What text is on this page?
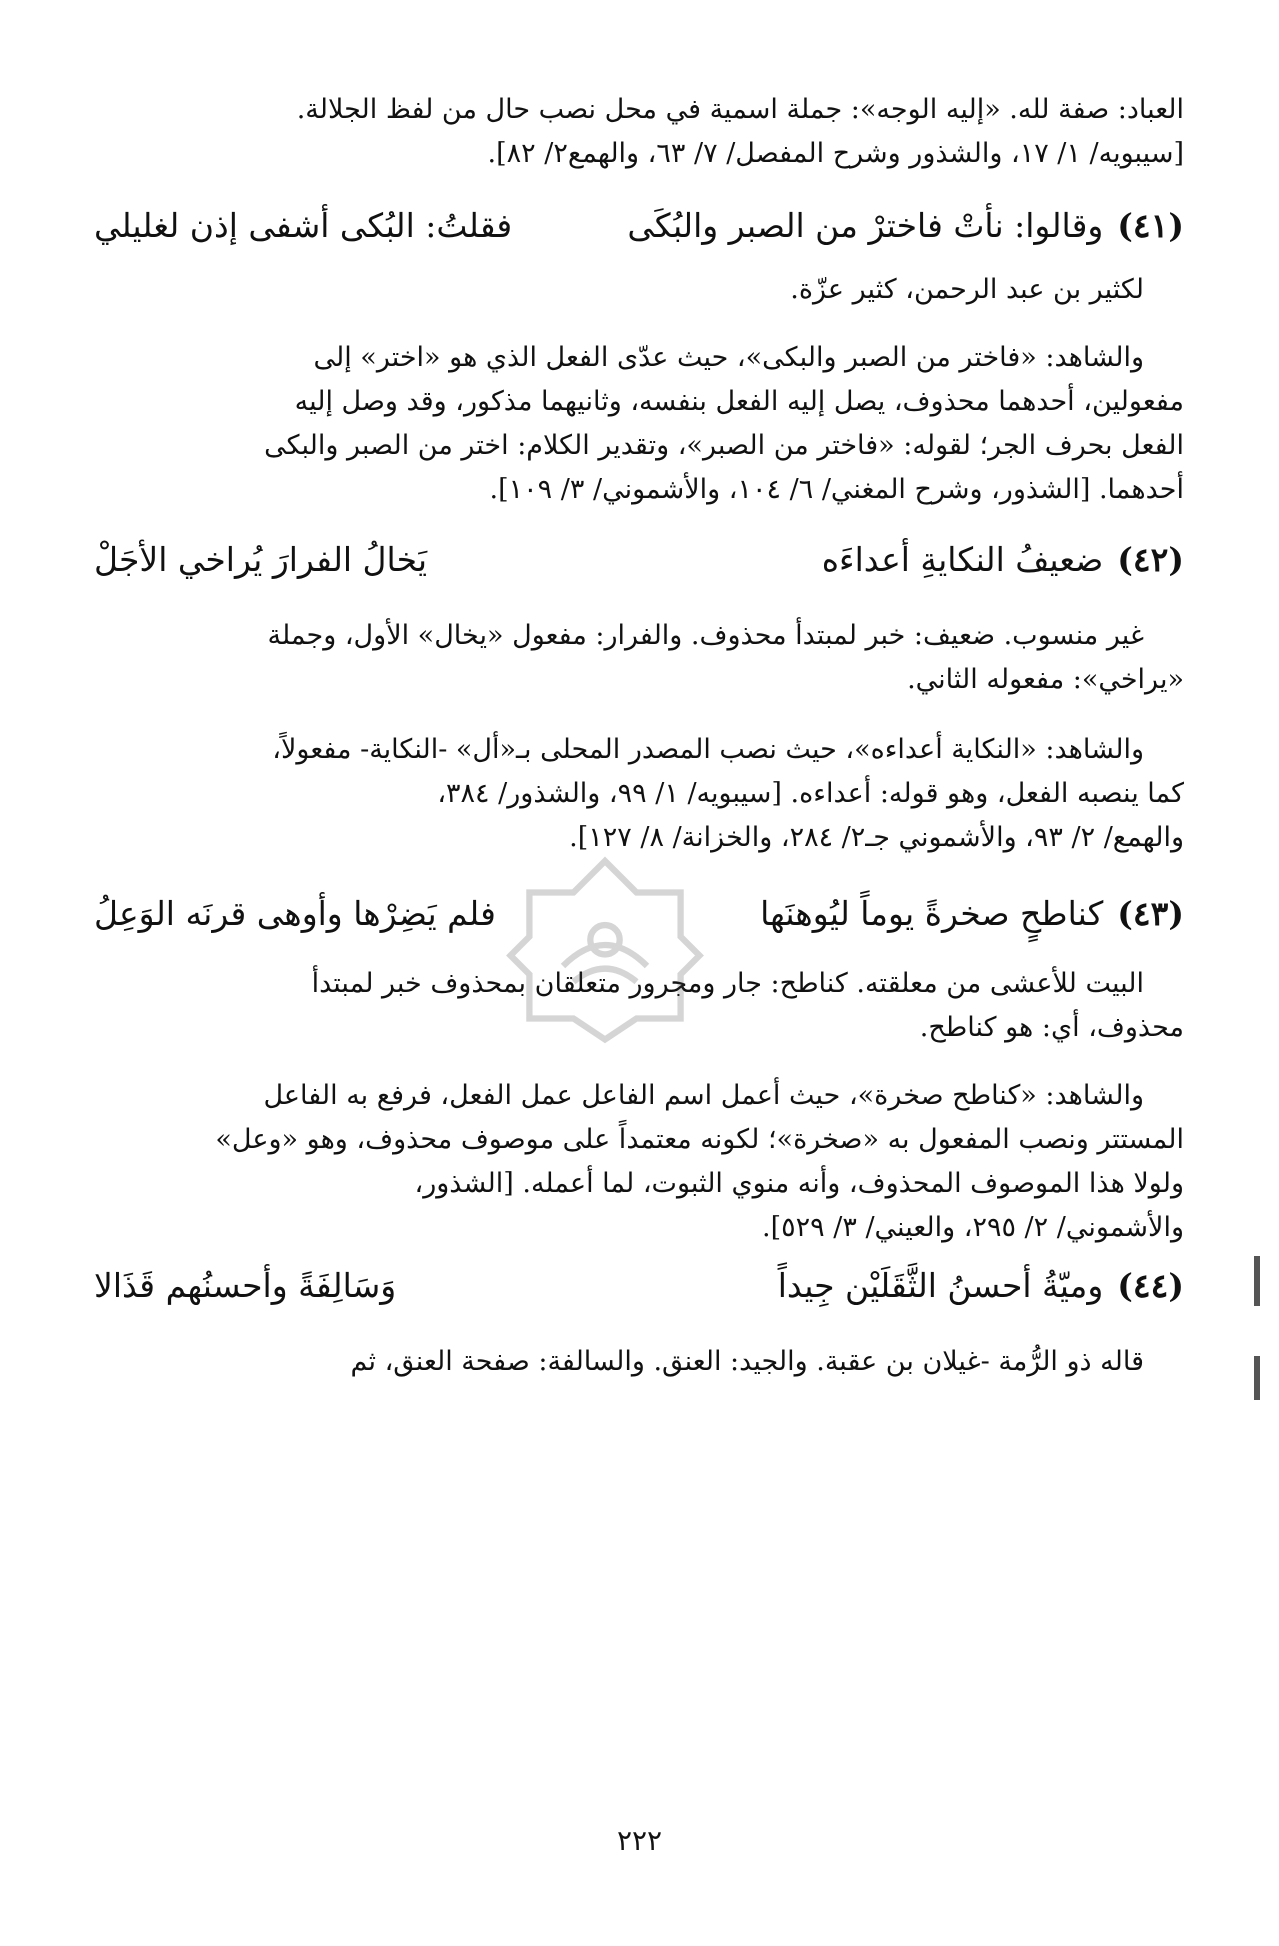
العباد: صفة لله. «إليه الوجه»: جملة اسمية في محل نصب حال من لفظ الجلالة.
[سيبويه/ ١/ ١٧، والشذور وشرح المفصل/ ٧/ ٦٣، والهمع٢/ ٨٢].
(٤١)وقالوا: نأتْ فاخترْ من الصبر والبُكَى
فقلتُ: البُكى أشفى إذن لغليلي
لكثير بن عبد الرحمن، كثير عزّة.
والشاهد: «فاختر من الصبر والبكى»، حيث عدّى الفعل الذي هو «اختر» إلى
مفعولين، أحدهما محذوف، يصل إليه الفعل بنفسه، وثانيهما مذكور، وقد وصل إليه
الفعل بحرف الجر؛ لقوله: «فاختر من الصبر»، وتقدير الكلام: اختر من الصبر والبكى
أحدهما. [الشذور، وشرح المغني/ ٦/ ١٠٤، والأشموني/ ٣/ ١٠٩].
(٤٢)ضعيفُ النكايةِ أعداءَه
يَخالُ الفرارَ يُراخي الأجَلْ
غير منسوب. ضعيف: خبر لمبتدأ محذوف. والفرار: مفعول «يخال» الأول، وجملة
«يراخي»: مفعوله الثاني.
والشاهد: «النكاية أعداءه»، حيث نصب المصدر المحلى بـ«أل» -النكاية- مفعولاً،
كما ينصبه الفعل، وهو قوله: أعداءه. [سيبويه/ ١/ ٩٩، والشذور/ ٣٨٤،
والهمع/ ٢/ ٩٣، والأشموني جـ٢/ ٢٨٤، والخزانة/ ٨/ ١٢٧].
(٤٣)كناطحٍ صخرةً يوماً ليُوهنَها
فلم يَضِرْها وأوهى قرنَه الوَعِلُ
البيت للأعشى من معلقته. كناطح: جار ومجرور متعلقان بمحذوف خبر لمبتدأ
محذوف، أي: هو كناطح.
والشاهد: «كناطح صخرة»، حيث أعمل اسم الفاعل عمل الفعل، فرفع به الفاعل
المستتر ونصب المفعول به «صخرة»؛ لكونه معتمداً على موصوف محذوف، وهو «وعل»
ولولا هذا الموصوف المحذوف، وأنه منوي الثبوت، لما أعمله. [الشذور،
والأشموني/ ٢/ ٢٩٥، والعيني/ ٣/ ٥٢٩].
(٤٤)وميّةُ أحسنُ الثَّقَلَيْن جِيداً
وَسَالِفَةً وأحسنُهم قَذَالا
قاله ذو الرُّمة -غيلان بن عقبة. والجيد: العنق. والسالفة: صفحة العنق، ثم
٢٢٢
